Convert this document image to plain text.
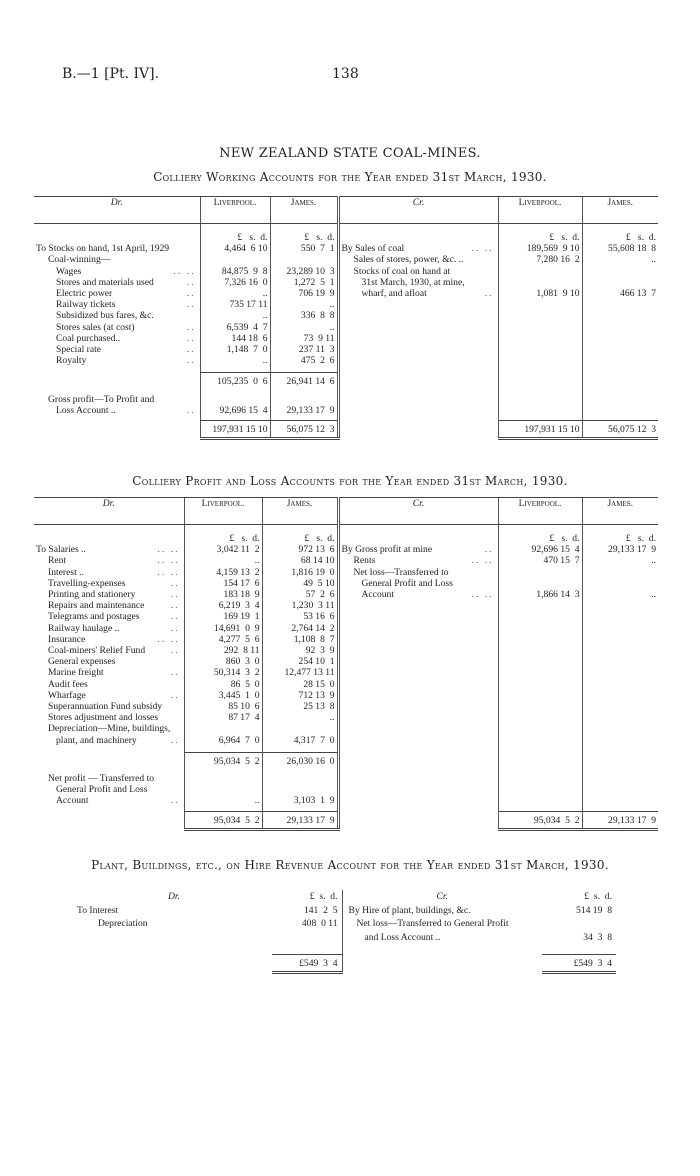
B.—1 [Pt. IV].	138
NEW ZEALAND STATE COAL-MINES.
Colliery Working Accounts for the Year ended 31st March, 1930.
Dr.	Liverpool.	James.	Cr.	Liverpool.	James.

	£ s. d.	£ s. d.		£ s. d.	£ s. d.
To Stocks on hand, 1st April, 1929	4,464  6 10	550  7  1	By Sales of coal .. ..	189,569  9 10	55,608 18  8
Coal-winning—			Sales of stores, power, &c. ..	7,280 16  2	..
Wages .. ..	84,875  9  8	23,289 10  3	Stocks of coal on hand at		
Stores and materials used ..	7,326 16  0	1,272  5  1	31st March, 1930, at mine,		
Electric power ..	..	706 19  9	wharf, and afloat ..	1,081  9 10	466 13  7
Railway tickets ..	735 17 11	..			
Subsidized bus fares, &c.	..	336  8  8			
Stores sales (at cost) ..	6,539  4  7	..			
Coal purchased.. ..	144 18  6	73  9 11			
Special rate ..	1,148  7  0	237 11  3			
Royalty ..	..	475  2  6			

	105,235  0  6	26,941 14  6			

Gross profit—To Profit and					
Loss Account .. ..	92,696 15  4	29,133 17  9			

	197,931 15 10	56,075 12  3		197,931 15 10	56,075 12  3
Colliery Profit and Loss Accounts for the Year ended 31st March, 1930.
Dr.	Liverpool.	James.	Cr.	Liverpool.	James.

	£ s. d.	£ s. d.		£ s. d.	£ s. d.
To Salaries .. .. ..	3,042 11  2	972 13  6	By Gross profit at mine ..	92,696 15  4	29,133 17  9
Rent .. ..	..	68 14 10	Rents .. ..	470 15  7	..
Interest .. .. ..	4,159 13  2	1,816 19  0	Net loss—Transferred to		
Travelling-expenses ..	154 17  6	49  5 10	General Profit and Loss		
Printing and stationery ..	183 18  9	57  2  6	Account .. ..	1,866 14  3	..
Repairs and maintenance ..	6,219  3  4	1,230  3 11			
Telegrams and postages ..	169 19  1	53 16  6			
Railway haulage .. ..	14,691  0  9	2,764 14  2			
Insurance .. ..	4,277  5  6	1,108  8  7			
Coal-miners' Relief Fund ..	292  8 11	92  3  9			
General expenses	860  3  0	254 10  1			
Marine freight ..	50,314  3  2	12,477 13 11			
Audit fees	86  5  0	28 15  0			
Wharfage ..	3,445  1  0	712 13  9			
Superannuation Fund subsidy	85 10  6	25 13  8			
Stores adjustment and losses	87 17  4	..			
Depreciation—Mine, buildings,					
plant, and machinery ..	6,964  7  0	4,317  7  0			

	95,034  5  2	26,030 16  0			

Net profit — Transferred to					
General Profit and Loss					
Account ..	..	3,103  1  9			

	95,034  5  2	29,133 17  9		95,034  5  2	29,133 17  9
Plant, Buildings, etc., on Hire Revenue Account for the Year ended 31st March, 1930.
Dr.	£ s. d.	Cr.	£ s. d.
To Interest	141  2  5	By Hire of plant, buildings, &c.	514 19  8
Depreciation	408  0 11	Net loss—Transferred to General Profit	
		and Loss Account ..	34  3  8

	£549  3  4		£549  3  4
